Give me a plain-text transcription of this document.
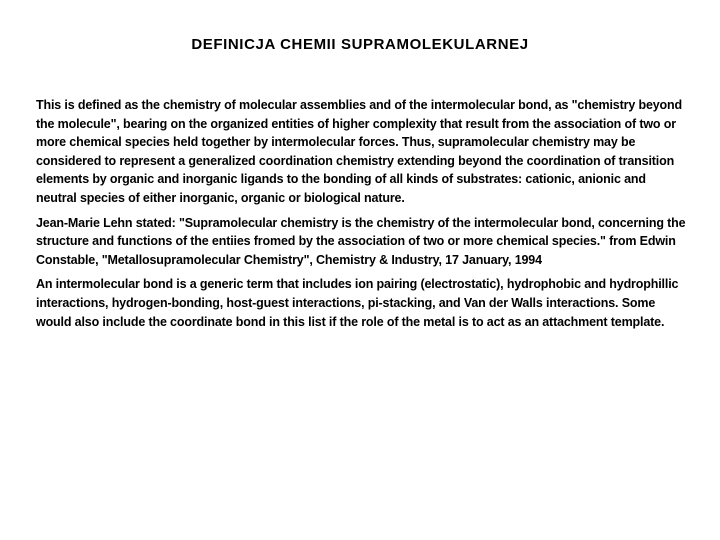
DEFINICJA CHEMII SUPRAMOLEKULARNEJ

This is defined as the chemistry of molecular assemblies and of the intermolecular bond, as "chemistry beyond the molecule", bearing on the organized entities of higher complexity that result from the association of two or more chemical species held together by intermolecular forces. Thus, supramolecular chemistry may be considered to represent a generalized coordination chemistry extending beyond the coordination of transition elements by organic and inorganic ligands to the bonding of all kinds of substrates: cationic, anionic and neutral species of either inorganic, organic or biological nature.

Jean-Marie Lehn stated: "Supramolecular chemistry is the chemistry of the intermolecular bond, concerning the structure and functions of the entiies fromed by the association of two or more chemical species." from Edwin Constable, "Metallosupramolecular Chemistry", Chemistry & Industry, 17 January, 1994

An intermolecular bond is a generic term that includes ion pairing (electrostatic), hydrophobic and hydrophillic interactions, hydrogen-bonding, host-guest interactions, pi-stacking, and Van der Walls interactions. Some would also include the coordinate bond in this list if the role of the metal is to act as an attachment template.
